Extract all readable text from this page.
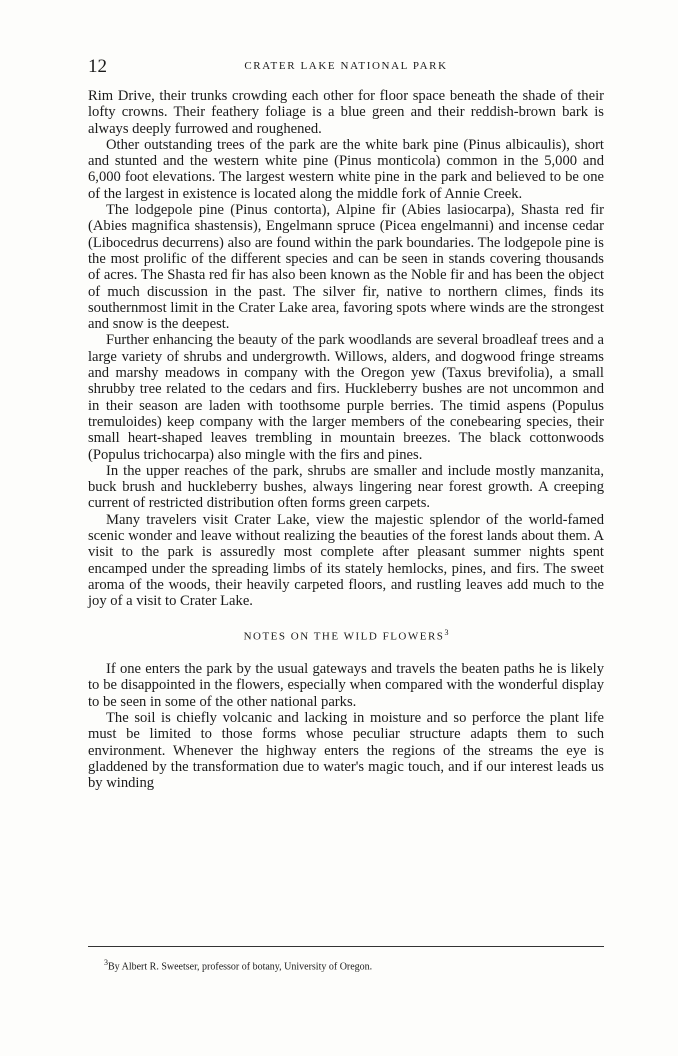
12	CRATER LAKE NATIONAL PARK

Rim Drive, their trunks crowding each other for floor space beneath the shade of their lofty crowns. Their feathery foliage is a blue green and their reddish-brown bark is always deeply furrowed and roughened.

Other outstanding trees of the park are the white bark pine (Pinus albicaulis), short and stunted and the western white pine (Pinus monticola) common in the 5,000 and 6,000 foot elevations. The largest western white pine in the park and believed to be one of the largest in existence is located along the middle fork of Annie Creek.

The lodgepole pine (Pinus contorta), Alpine fir (Abies lasiocarpa), Shasta red fir (Abies magnifica shastensis), Engelmann spruce (Picea engelmanni) and incense cedar (Libocedrus decurrens) also are found within the park boundaries. The lodgepole pine is the most prolific of the different species and can be seen in stands covering thousands of acres. The Shasta red fir has also been known as the Noble fir and has been the object of much discussion in the past. The silver fir, native to northern climes, finds its southernmost limit in the Crater Lake area, favoring spots where winds are the strongest and snow is the deepest.

Further enhancing the beauty of the park woodlands are several broadleaf trees and a large variety of shrubs and undergrowth. Willows, alders, and dogwood fringe streams and marshy meadows in company with the Oregon yew (Taxus brevifolia), a small shrubby tree related to the cedars and firs. Huckleberry bushes are not uncommon and in their season are laden with toothsome purple berries. The timid aspens (Populus tremuloides) keep company with the larger members of the conebearing species, their small heart-shaped leaves trembling in mountain breezes. The black cottonwoods (Populus trichocarpa) also mingle with the firs and pines.

In the upper reaches of the park, shrubs are smaller and include mostly manzanita, buck brush and huckleberry bushes, always lingering near forest growth. A creeping current of restricted distribution often forms green carpets.

Many travelers visit Crater Lake, view the majestic splendor of the world-famed scenic wonder and leave without realizing the beauties of the forest lands about them. A visit to the park is assuredly most complete after pleasant summer nights spent encamped under the spreading limbs of its stately hemlocks, pines, and firs. The sweet aroma of the woods, their heavily carpeted floors, and rustling leaves add much to the joy of a visit to Crater Lake.

NOTES ON THE WILD FLOWERS$^3$

If one enters the park by the usual gateways and travels the beaten paths he is likely to be disappointed in the flowers, especially when compared with the wonderful display to be seen in some of the other national parks.

The soil is chiefly volcanic and lacking in moisture and so perforce the plant life must be limited to those forms whose peculiar structure adapts them to such environment. Whenever the highway enters the regions of the streams the eye is gladdened by the transformation due to water's magic touch, and if our interest leads us by winding

$^3$By Albert R. Sweetser, professor of botany, University of Oregon.
